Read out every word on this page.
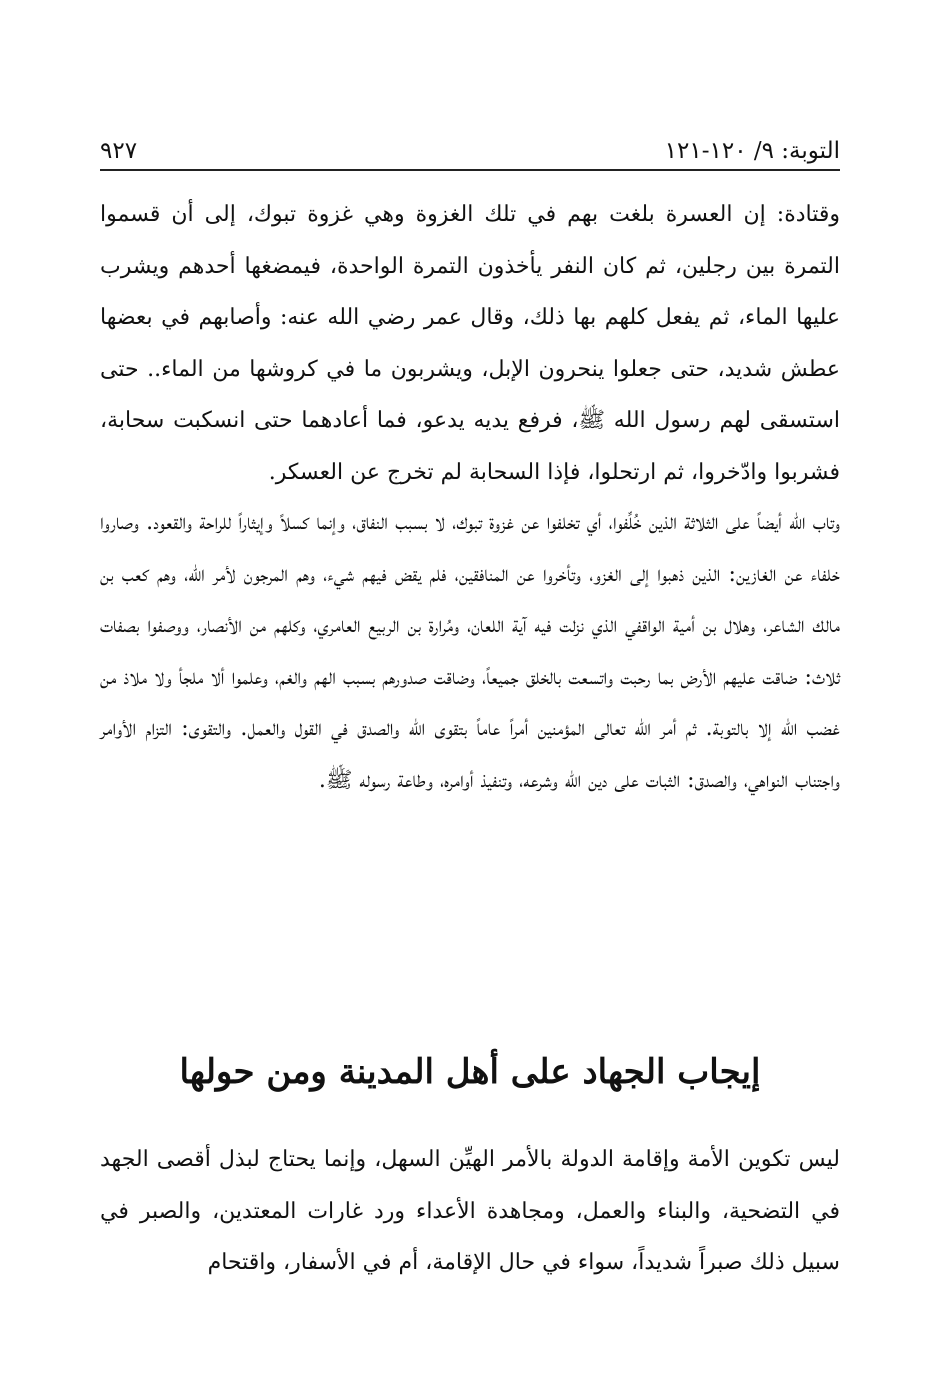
التوبة: ٩/ ١٢٠-١٢١
٩٢٧

وقتادة: إن العسرة بلغت بهم في تلك الغزوة وهي غزوة تبوك، إلى أن قسموا التمرة بين رجلين، ثم كان النفر يأخذون التمرة الواحدة، فيمضغها أحدهم ويشرب عليها الماء، ثم يفعل كلهم بها ذلك، وقال عمر رضي الله عنه: وأصابهم في بعضها عطش شديد، حتى جعلوا ينحرون الإبل، ويشربون ما في كروشها من الماء.. حتى استسقى لهم رسول الله ﷺ، فرفع يديه يدعو، فما أعادهما حتى انسكبت سحابة، فشربوا وادّخروا، ثم ارتحلوا، فإذا السحابة لم تخرج عن العسكر.

وتاب الله أيضاً على الثلاثة الذين خُلِّفوا، أي تخلفوا عن غزوة تبوك، لا بسبب النفاق، وإنما كسلاً وإيثاراً للراحة والقعود. وصاروا خلفاء عن الغازين: الذين ذهبوا إلى الغزو، وتأخروا عن المنافقين، فلم يقض فيهم شيء، وهم المرجون لأمر الله، وهم كعب بن مالك الشاعر، وهلال بن أمية الواقفي الذي نزلت فيه آية اللعان، ومُرارة بن الربيع العامري، وكلهم من الأنصار، ووصفوا بصفات ثلاث: ضاقت عليهم الأرض بما رحبت واتسعت بالخلق جميعاً، وضاقت صدورهم بسبب الهم والغم، وعلموا ألا ملجأ ولا ملاذ من غضب الله إلا بالتوبة. ثم أمر الله تعالى المؤمنين أمراً عاماً بتقوى الله والصدق في القول والعمل. والتقوى: التزام الأوامر واجتناب النواهي، والصدق: الثبات على دين الله وشرعه، وتنفيذ أوامره، وطاعة رسوله ﷺ.

إيجاب الجهاد على أهل المدينة ومن حولها

ليس تكوين الأمة وإقامة الدولة بالأمر الهيِّن السهل، وإنما يحتاج لبذل أقصى الجهد في التضحية، والبناء والعمل، ومجاهدة الأعداء ورد غارات المعتدين، والصبر في سبيل ذلك صبراً شديداً، سواء في حال الإقامة، أم في الأسفار، واقتحام
